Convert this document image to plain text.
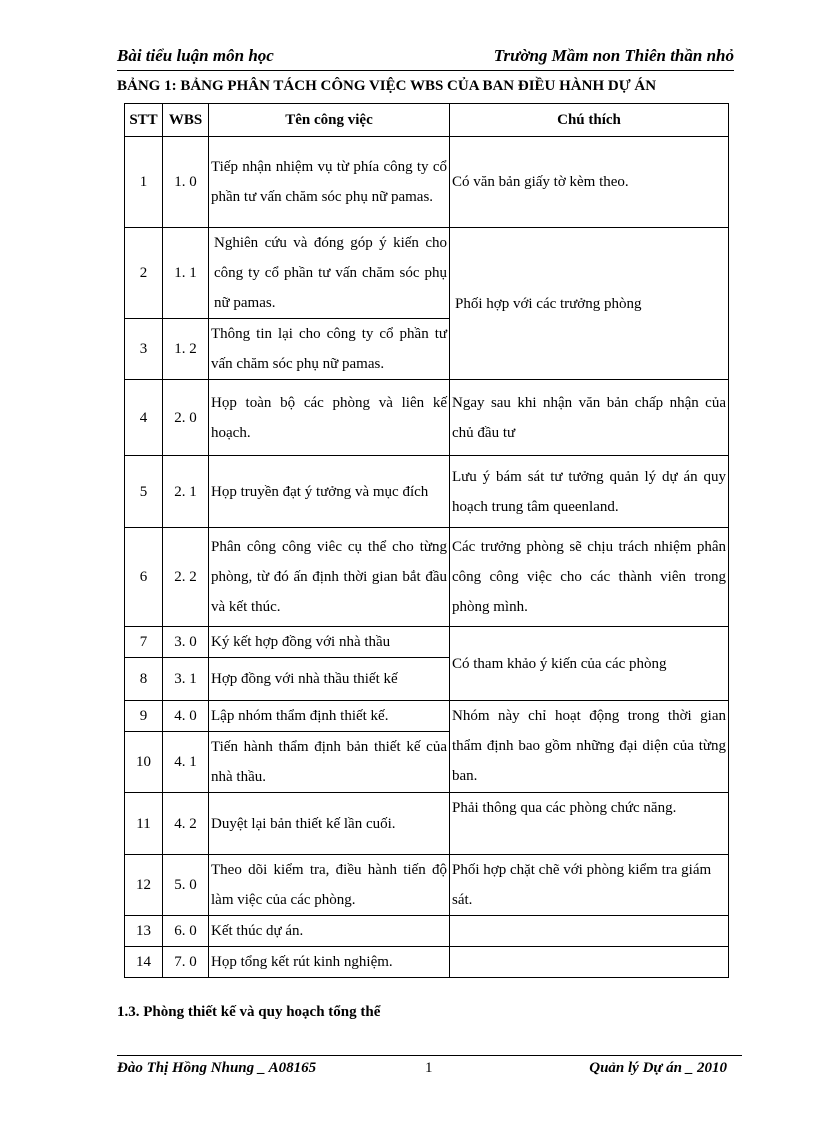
Bài tiểu luận môn học	Trường Mầm non Thiên thần nhỏ
BẢNG 1: BẢNG PHÂN TÁCH CÔNG VIỆC WBS CỦA BAN ĐIỀU HÀNH DỰ ÁN
STT	WBS	Tên công việc	Chú thích
1	1. 0	Tiếp nhận nhiệm vụ từ phía công ty cổ phần tư vấn chăm sóc phụ nữ pamas.	Có văn bản giấy tờ kèm theo.
2	1. 1	Nghiên cứu và đóng góp ý kiến cho công ty cổ phần tư vấn chăm sóc phụ nữ pamas.	Phối hợp với các trưởng phòng
3	1. 2	Thông tin lại cho công ty cổ phần tư vấn chăm sóc phụ nữ pamas.	
4	2. 0	Họp toàn bộ các phòng và liên kế hoạch.	Ngay sau khi nhận văn bản chấp nhận của chủ đầu tư
5	2. 1	Họp truyền đạt ý tưởng và mục đích	Lưu ý bám sát tư tưởng quản lý dự án quy hoạch trung tâm queenland.
6	2. 2	Phân công công viêc cụ thể cho từng phòng, từ đó ấn định thời gian bắt đầu và kết thúc.	Các trưởng phòng sẽ chịu trách nhiệm phân công công việc cho các thành viên trong phòng mình.
7	3. 0	Ký kết hợp đồng với nhà thầu	Có tham khảo ý kiến của các phòng
8	3. 1	Hợp đồng với nhà thầu thiết kế	
9	4. 0	Lập nhóm thẩm định thiết kế.	Nhóm này chỉ hoạt động trong thời gian thẩm định bao gồm những đại diện của từng ban.
10	4. 1	Tiến hành thẩm định bản thiết kế của nhà thầu.	
11	4. 2	Duyệt lại bản thiết kế lần cuối.	Phải thông qua các phòng chức năng.
12	5. 0	Theo dõi kiểm tra, điều hành tiến độ làm việc của các phòng.	Phối hợp chặt chẽ với phòng kiểm tra giám sát.
13	6. 0	Kết thúc dự án.	
14	7. 0	Họp tổng kết rút kinh nghiệm.	
1.3. Phòng thiết kế và quy hoạch tổng thể
Đào Thị Hồng Nhung _ A08165	1	Quản lý Dự án _ 2010
